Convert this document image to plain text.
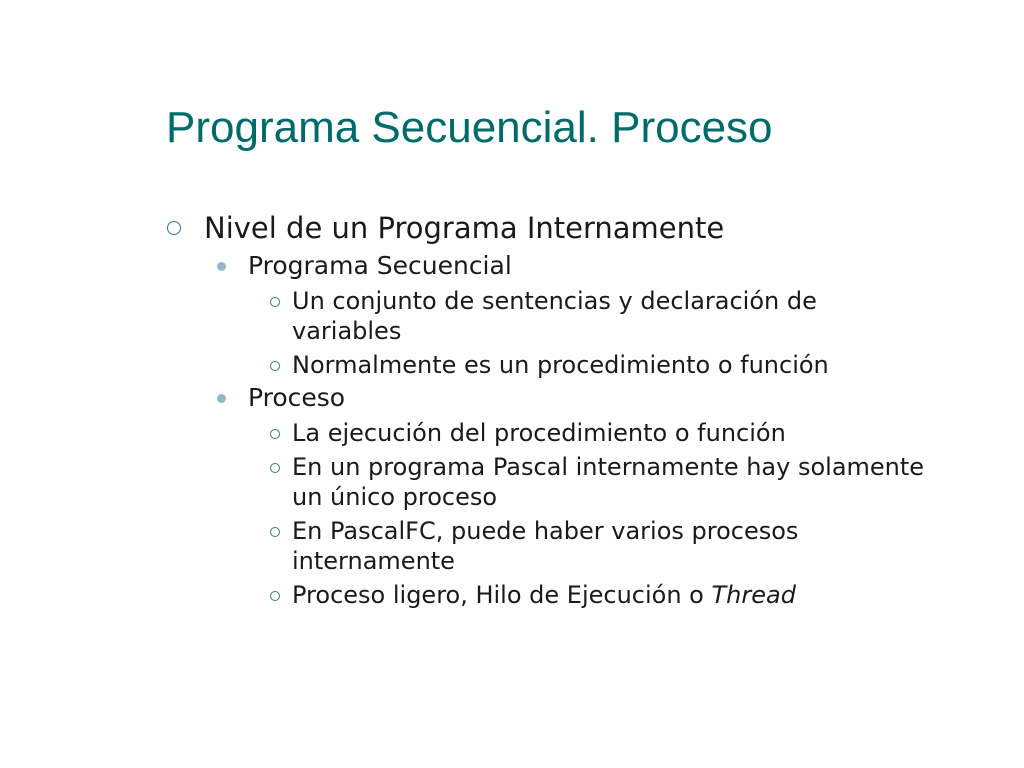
Programa Secuencial. Proceso
Nivel de un Programa Internamente
Programa Secuencial
Un conjunto de sentencias y declaración de variables
Normalmente es un procedimiento o función
Proceso
La ejecución del procedimiento o función
En un programa Pascal internamente hay solamente un único proceso
En PascalFC, puede haber varios procesos internamente
Proceso ligero, Hilo de Ejecución o Thread
